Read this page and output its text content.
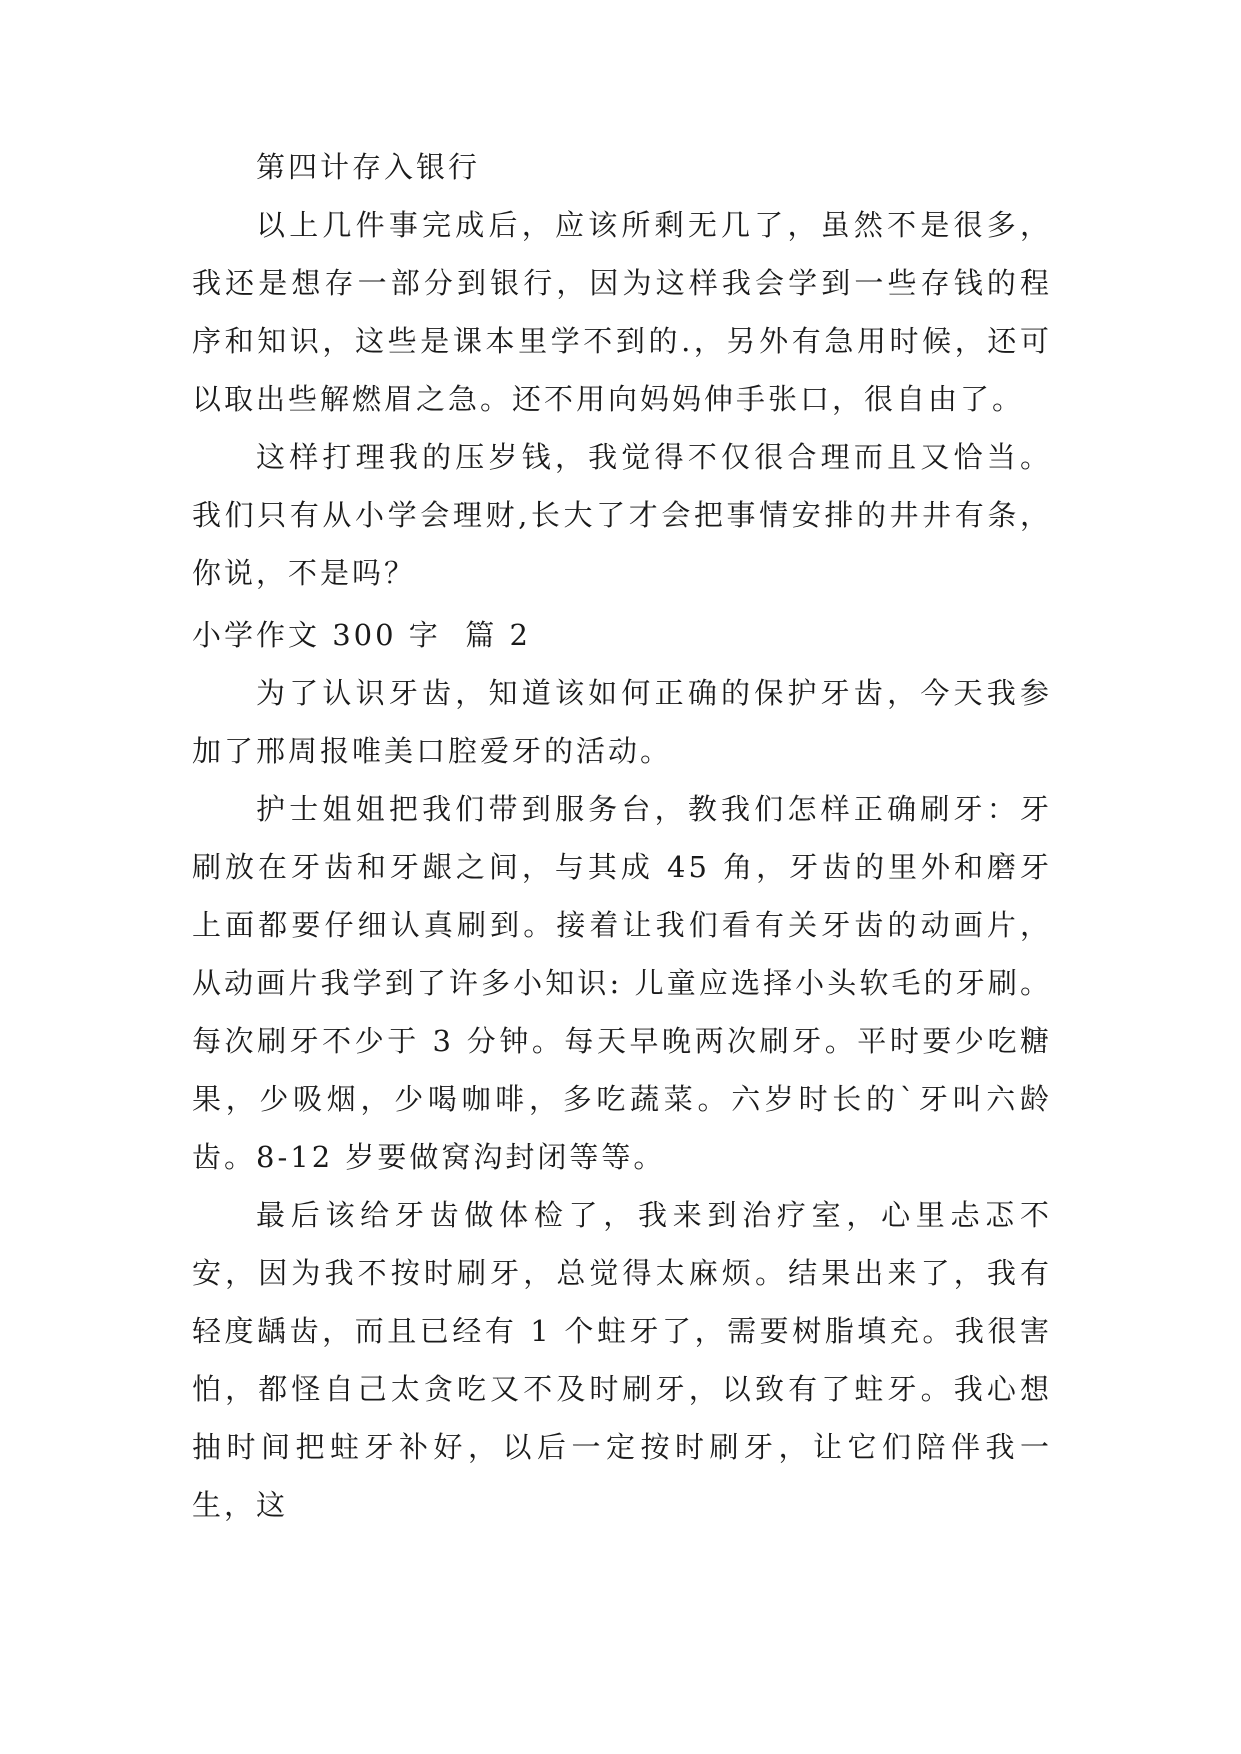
第四计存入银行

以上几件事完成后，应该所剩无几了，虽然不是很多，我还是想存一部分到银行，因为这样我会学到一些存钱的程序和知识，这些是课本里学不到的.，另外有急用时候，还可以取出些解燃眉之急。还不用向妈妈伸手张口，很自由了。

这样打理我的压岁钱，我觉得不仅很合理而且又恰当。我们只有从小学会理财,长大了才会把事情安排的井井有条，你说，不是吗？

小学作文 300 字  篇 2

为了认识牙齿，知道该如何正确的保护牙齿，今天我参加了邢周报唯美口腔爱牙的活动。

护士姐姐把我们带到服务台，教我们怎样正确刷牙：牙刷放在牙齿和牙龈之间，与其成 45 角，牙齿的里外和磨牙上面都要仔细认真刷到。接着让我们看有关牙齿的动画片，从动画片我学到了许多小知识: 儿童应选择小头软毛的牙刷。每次刷牙不少于 3 分钟。每天早晚两次刷牙。平时要少吃糖果，少吸烟，少喝咖啡，多吃蔬菜。六岁时长的`牙叫六龄齿。8-12 岁要做窝沟封闭等等。

最后该给牙齿做体检了，我来到治疗室，心里忐忑不安，因为我不按时刷牙，总觉得太麻烦。结果出来了，我有轻度龋齿，而且已经有 1 个蛀牙了，需要树脂填充。我很害怕，都怪自己太贪吃又不及时刷牙，以致有了蛀牙。我心想抽时间把蛀牙补好，以后一定按时刷牙，让它们陪伴我一生，这
